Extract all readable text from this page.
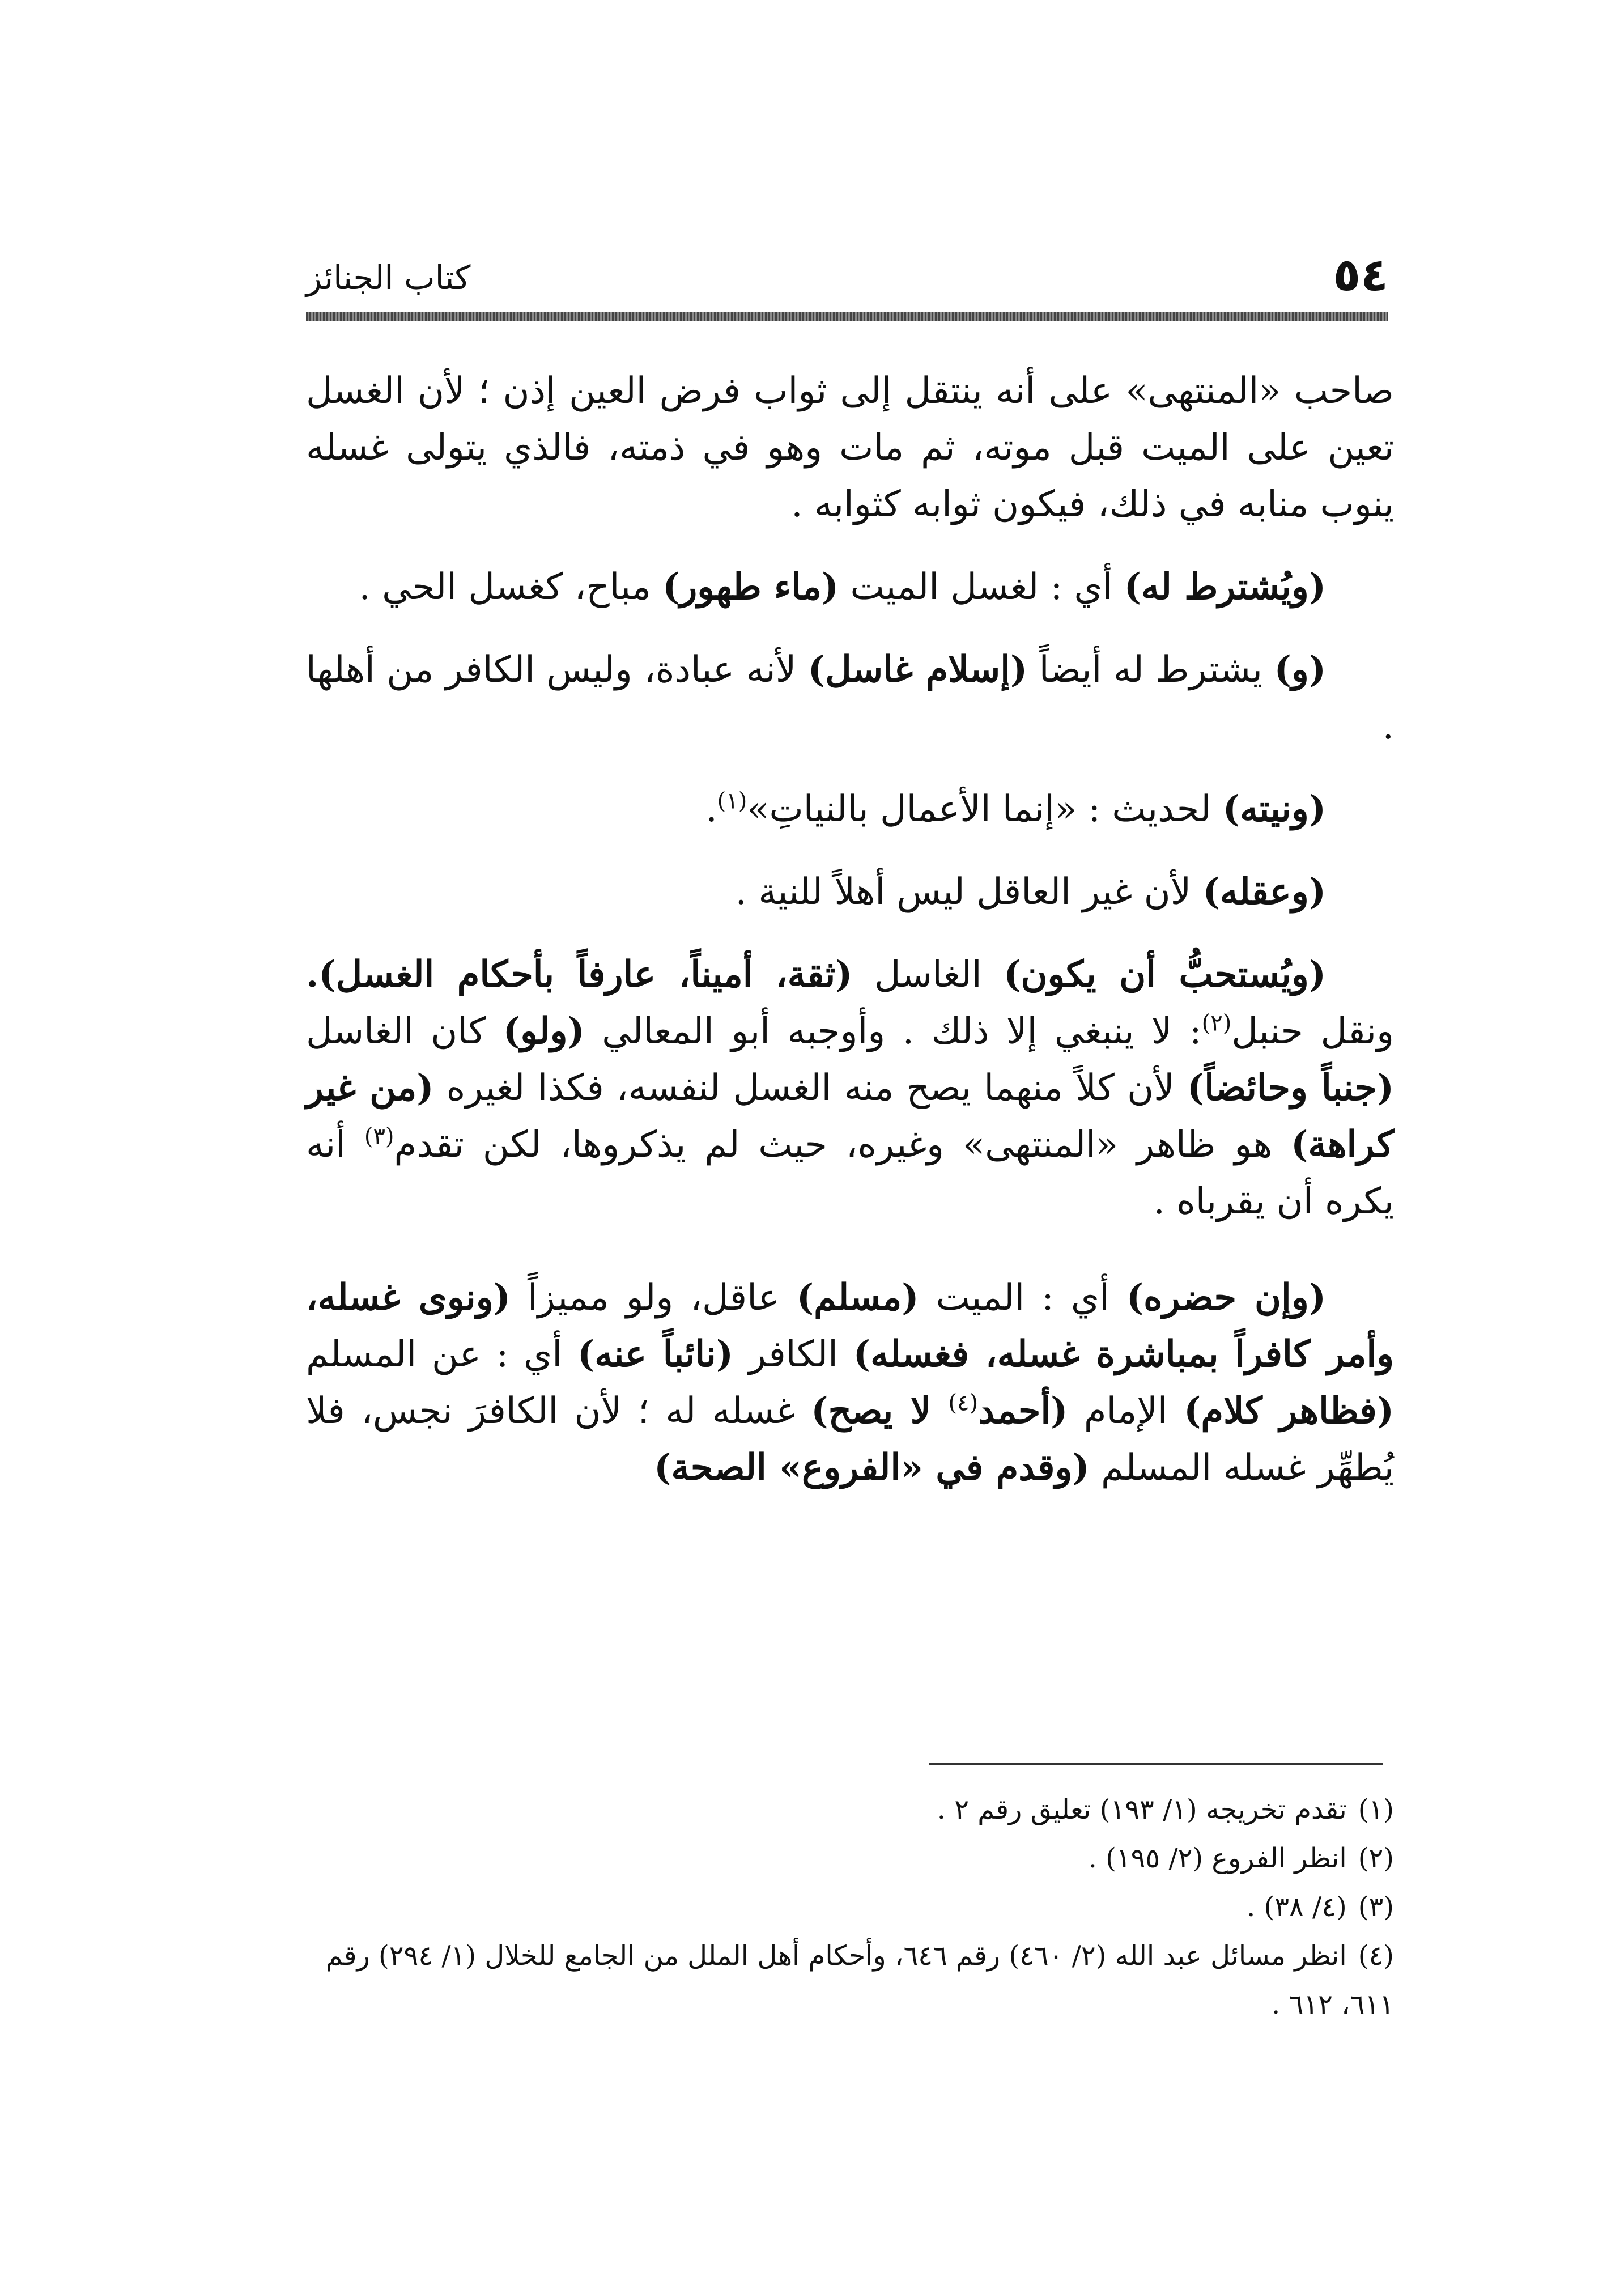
٥٤
كتاب الجنائز

صاحب «المنتهى» على أنه ينتقل إلى ثواب فرض العين إذن ؛ لأن الغسل تعين على الميت قبل موته، ثم مات وهو في ذمته، فالذي يتولى غسله ينوب منابه في ذلك، فيكون ثوابه كثوابه .

(ويُشترط له) أي : لغسل الميت (ماء طهور) مباح، كغسل الحي .

(و) يشترط له أيضاً (إسلام غاسل) لأنه عبادة، وليس الكافر من أهلها .

(ونيته) لحديث : «إنما الأعمال بالنياتِ»$^{(١)}$.

(وعقله) لأن غير العاقل ليس أهلاً للنية .

(ويُستحبُّ أن يكون) الغاسل (ثقة، أميناً، عارفاً بأحكام الغسل). ونقل حنبل$^{(٢)}$: لا ينبغي إلا ذلك . وأوجبه أبو المعالي (ولو) كان الغاسل (جنباً وحائضاً) لأن كلاً منهما يصح منه الغسل لنفسه، فكذا لغيره (من غير كراهة) هو ظاهر «المنتهى» وغيره، حيث لم يذكروها، لكن تقدم$^{(٣)}$ أنه يكره أن يقرباه .

(وإن حضره) أي : الميت (مسلم) عاقل، ولو مميزاً (ونوى غسله، وأمر كافراً بمباشرة غسله، فغسله) الكافر (نائباً عنه) أي : عن المسلم (فظاهر كلام) الإمام (أحمد$^{(٤)}$ لا يصح) غسله له ؛ لأن الكافرَ نجس، فلا يُطهِّر غسله المسلم (وقدم في «الفروع» الصحة)

(١)تقدم تخريجه (١/ ١٩٣) تعليق رقم ٢ .

(٢)انظر الفروع (٢/ ١٩٥) .

(٣)(٤/ ٣٨) .

(٤)انظر مسائل عبد الله (٢/ ٤٦٠) رقم ٦٤٦، وأحكام أهل الملل من الجامع للخلال (١/ ٢٩٤) رقم ٦١١، ٦١٢ .
